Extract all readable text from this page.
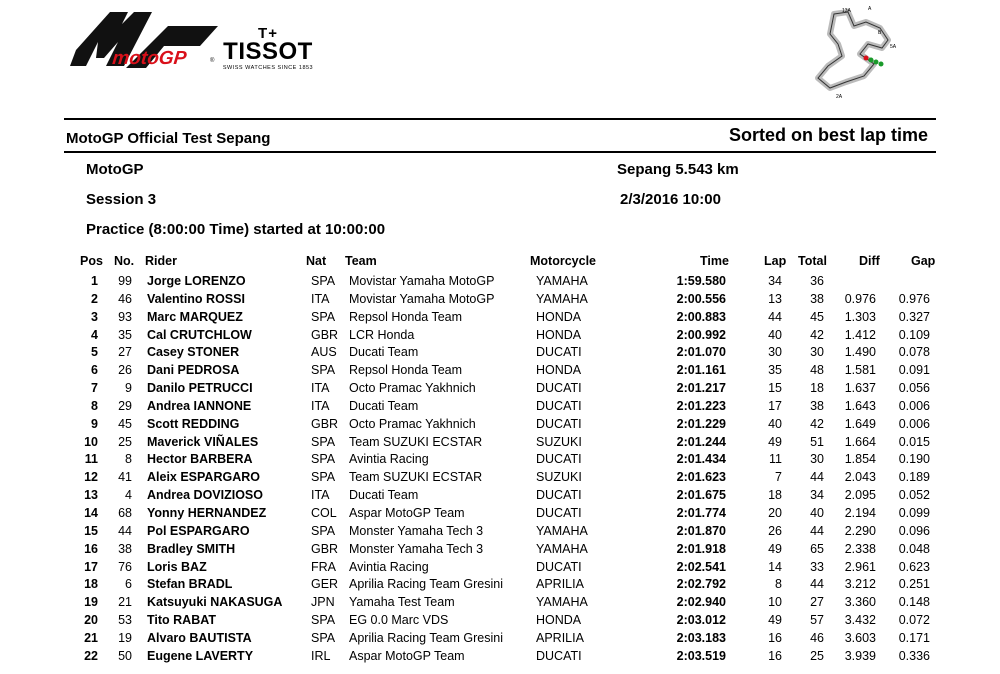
motoGP	®
T+
TISSOT
SWISS WATCHES SINCE 1853
13A	A
B
5A
2A
MotoGP Official Test Sepang	Sorted on best lap time
MotoGP	Sepang 5.543 km
Session 3	2/3/2016 10:00
Practice (8:00:00 Time) started at 10:00:00
Pos No. Rider	Nat Team	Motorcycle	Time	Lap Total	Diff Gap
1	99 Jorge LORENZO	SPA Movistar Yamaha MotoGP	YAMAHA	1:59.580	34	36
2	46 Valentino ROSSI	ITA Movistar Yamaha MotoGP	YAMAHA	2:00.556	13	38	0.976	0.976
3	93 Marc MARQUEZ	SPA Repsol Honda Team	HONDA	2:00.883	44	45	1.303	0.327
4	35 Cal CRUTCHLOW	GBR LCR Honda	HONDA	2:00.992	40	42	1.412	0.109
5	27 Casey STONER	AUS Ducati Team	DUCATI	2:01.070	30	30	1.490	0.078
6	26 Dani PEDROSA	SPA Repsol Honda Team	HONDA	2:01.161	35	48	1.581	0.091
7	9 Danilo PETRUCCI	ITA Octo Pramac Yakhnich	DUCATI	2:01.217	15	18	1.637	0.056
8	29 Andrea IANNONE	ITA Ducati Team	DUCATI	2:01.223	17	38	1.643	0.006
9	45 Scott REDDING	GBR Octo Pramac Yakhnich	DUCATI	2:01.229	40	42	1.649	0.006
10	25 Maverick VIÑALES	SPA Team SUZUKI ECSTAR	SUZUKI	2:01.244	49	51	1.664	0.015
11	8 Hector BARBERA	SPA Avintia Racing	DUCATI	2:01.434	11	30	1.854	0.190
12	41 Aleix ESPARGARO	SPA Team SUZUKI ECSTAR	SUZUKI	2:01.623	7	44	2.043	0.189
13	4 Andrea DOVIZIOSO	ITA Ducati Team	DUCATI	2:01.675	18	34	2.095	0.052
14	68 Yonny HERNANDEZ	COL Aspar MotoGP Team	DUCATI	2:01.774	20	40	2.194	0.099
15	44 Pol ESPARGARO	SPA Monster Yamaha Tech 3	YAMAHA	2:01.870	26	44	2.290	0.096
16	38 Bradley SMITH	GBR Monster Yamaha Tech 3	YAMAHA	2:01.918	49	65	2.338	0.048
17	76 Loris BAZ	FRA Avintia Racing	DUCATI	2:02.541	14	33	2.961	0.623
18	6 Stefan BRADL	GER Aprilia Racing Team Gresini	APRILIA	2:02.792	8	44	3.212	0.251
19	21 Katsuyuki NAKASUGA JPN Yamaha Test Team	YAMAHA	2:02.940	10	27	3.360	0.148
20	53 Tito RABAT	SPA EG 0.0 Marc VDS	HONDA	2:03.012	49	57	3.432	0.072
21	19 Alvaro BAUTISTA	SPA Aprilia Racing Team Gresini	APRILIA	2:03.183	16	46	3.603	0.171
22	50 Eugene LAVERTY	IRL Aspar MotoGP Team	DUCATI	2:03.519	16	25	3.939	0.336
